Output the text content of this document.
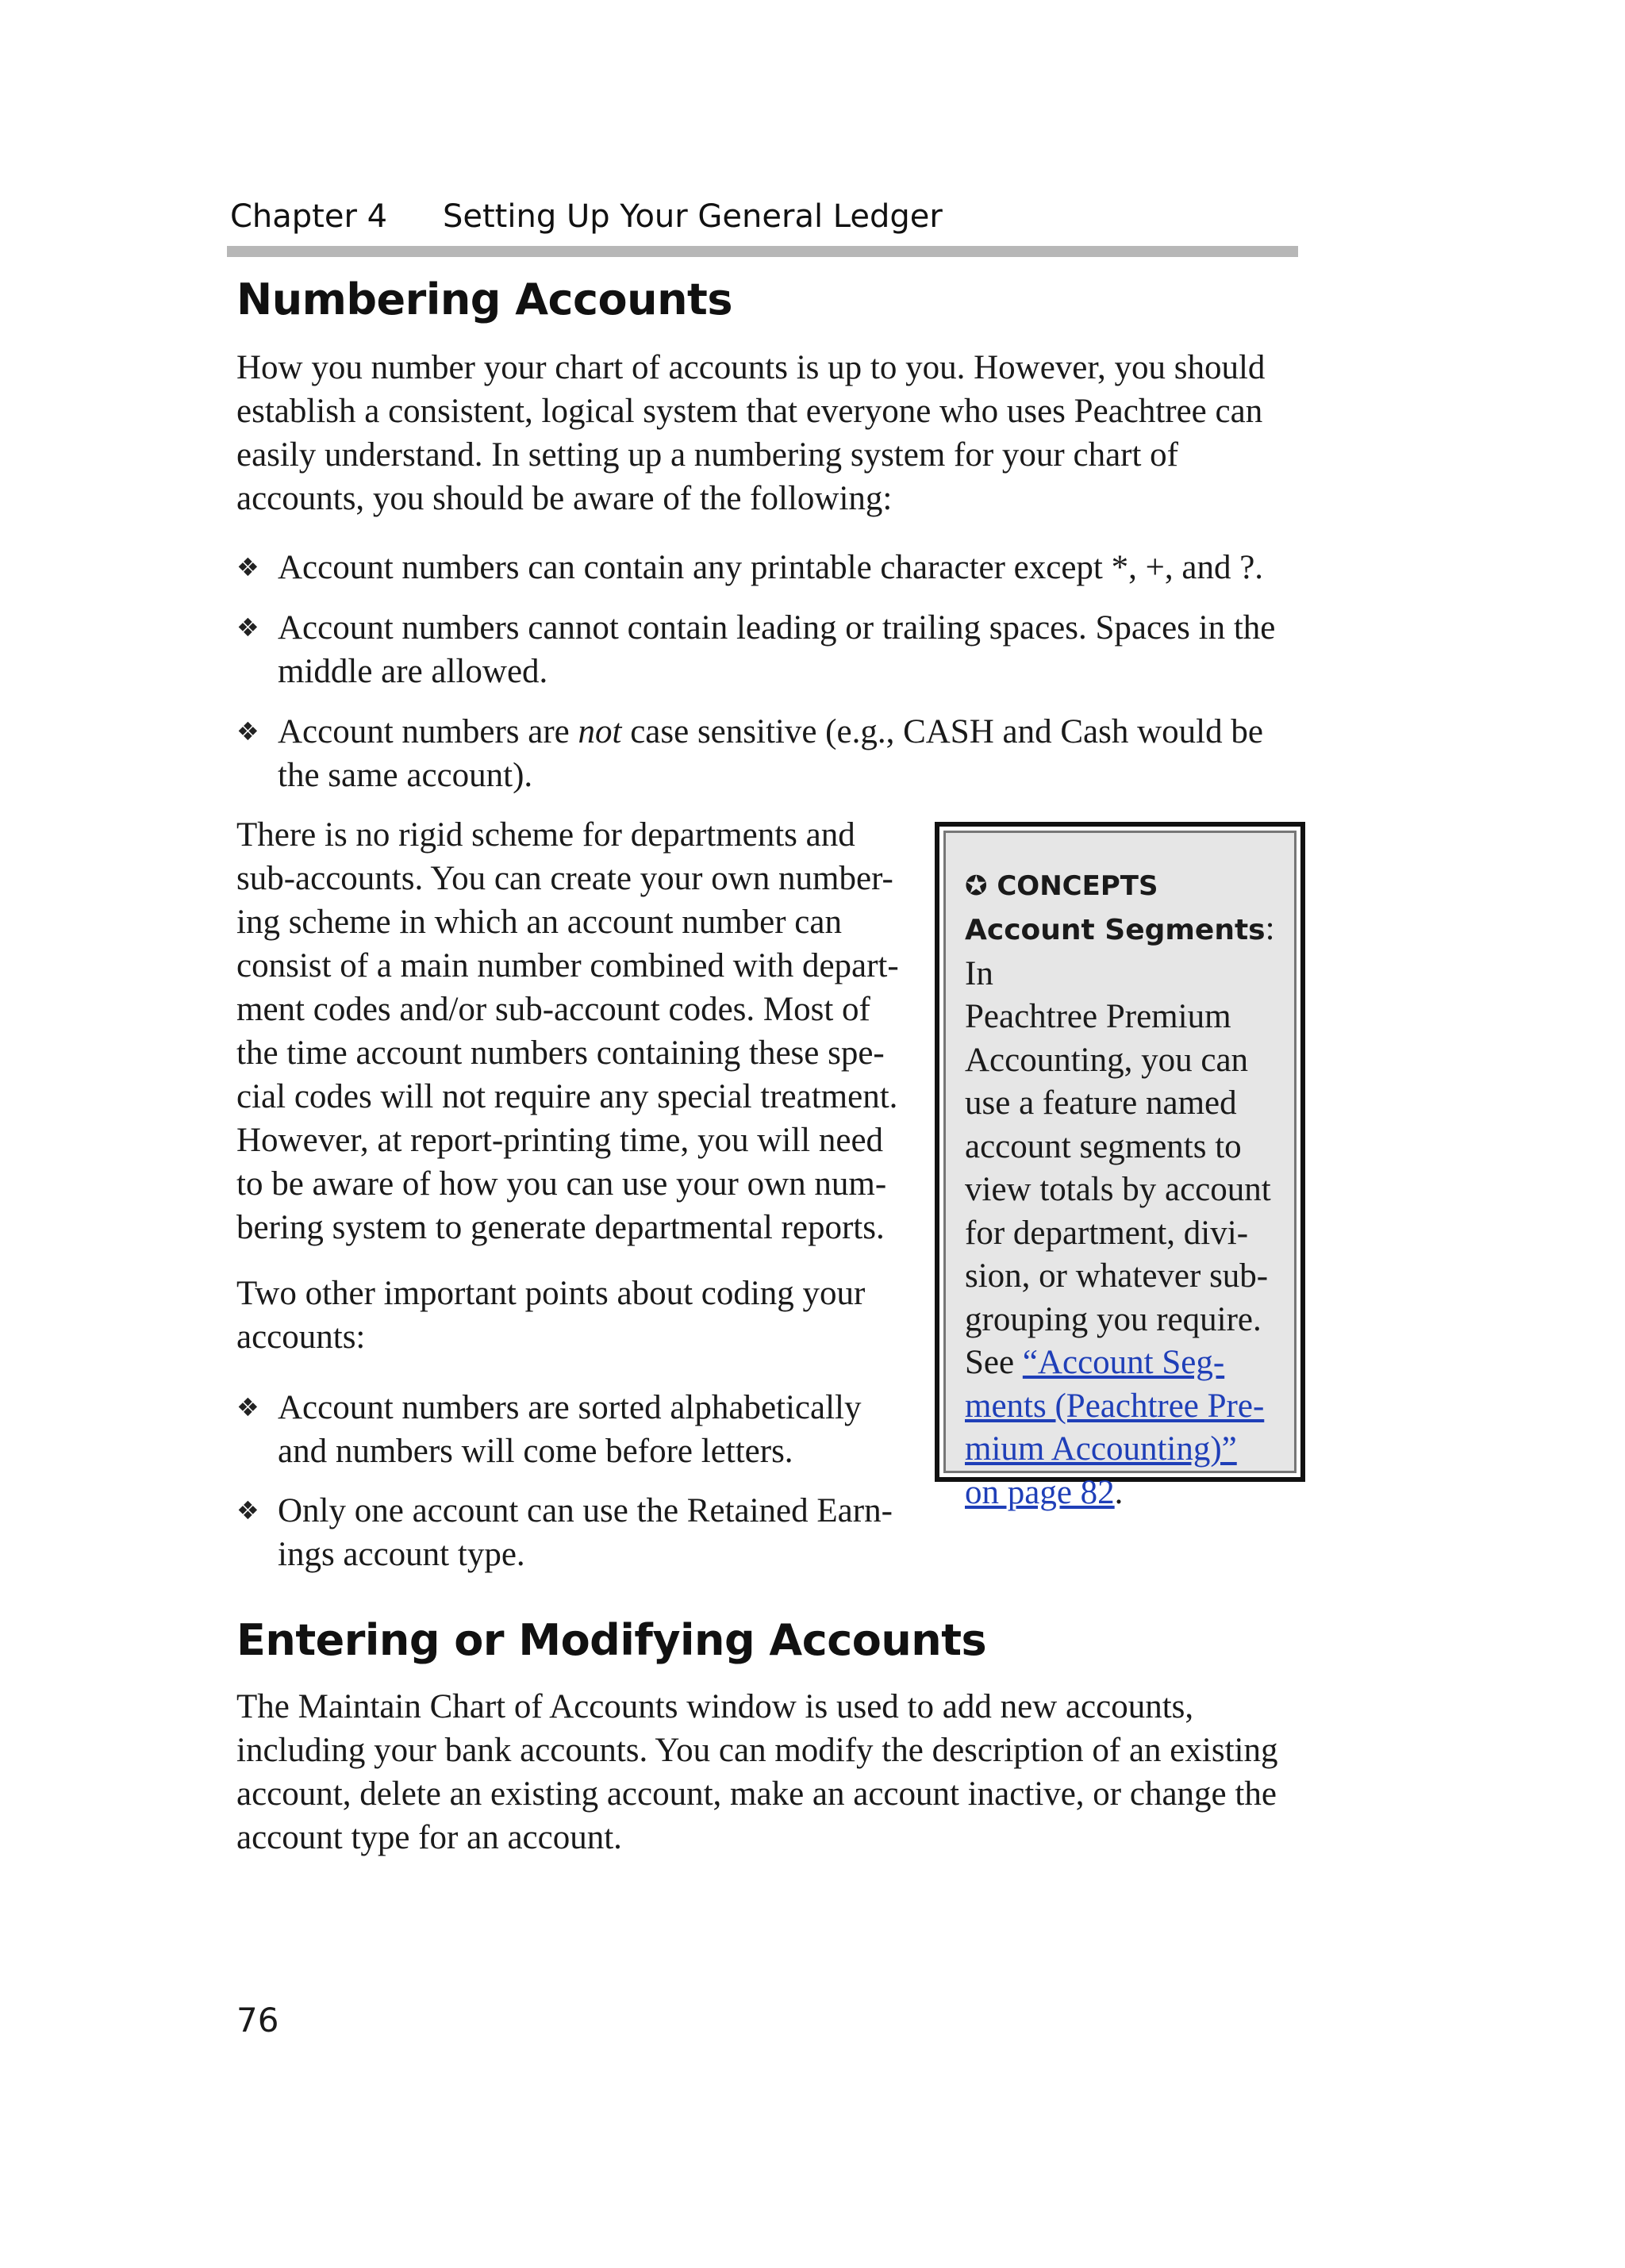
Chapter 4 Setting Up Your General Ledger
Numbering Accounts

How you number your chart of accounts is up to you. However, you should
establish a consistent, logical system that everyone who uses Peachtree can
easily understand. In setting up a numbering system for your chart of
accounts, you should be aware of the following:

❖ Account numbers can contain any printable character except *, +, and ?.
❖ Account numbers cannot contain leading or trailing spaces. Spaces in the
middle are allowed.
❖ Account numbers are not case sensitive (e.g., CASH and Cash would be
the same account).

There is no rigid scheme for departments and
sub-accounts. You can create your own number-
ing scheme in which an account number can
consist of a main number combined with depart-
ment codes and/or sub-account codes. Most of
the time account numbers containing these spe-
cial codes will not require any special treatment.
However, at report-printing time, you will need
to be aware of how you can use your own num-
bering system to generate departmental reports.

Two other important points about coding your
accounts:

❖ Account numbers are sorted alphabetically
and numbers will come before letters.
❖ Only one account can use the Retained Earn-
ings account type.
✪ CONCEPTS
Account Segments: In
Peachtree Premium
Accounting, you can
use a feature named
account segments to
view totals by account
for department, divi-
sion, or whatever sub-
grouping you require.
See “Account Seg-
ments (Peachtree Pre-
mium Accounting)”
on page 82.
Entering or Modifying Accounts

The Maintain Chart of Accounts window is used to add new accounts,
including your bank accounts. You can modify the description of an existing
account, delete an existing account, make an account inactive, or change the
account type for an account.

76
